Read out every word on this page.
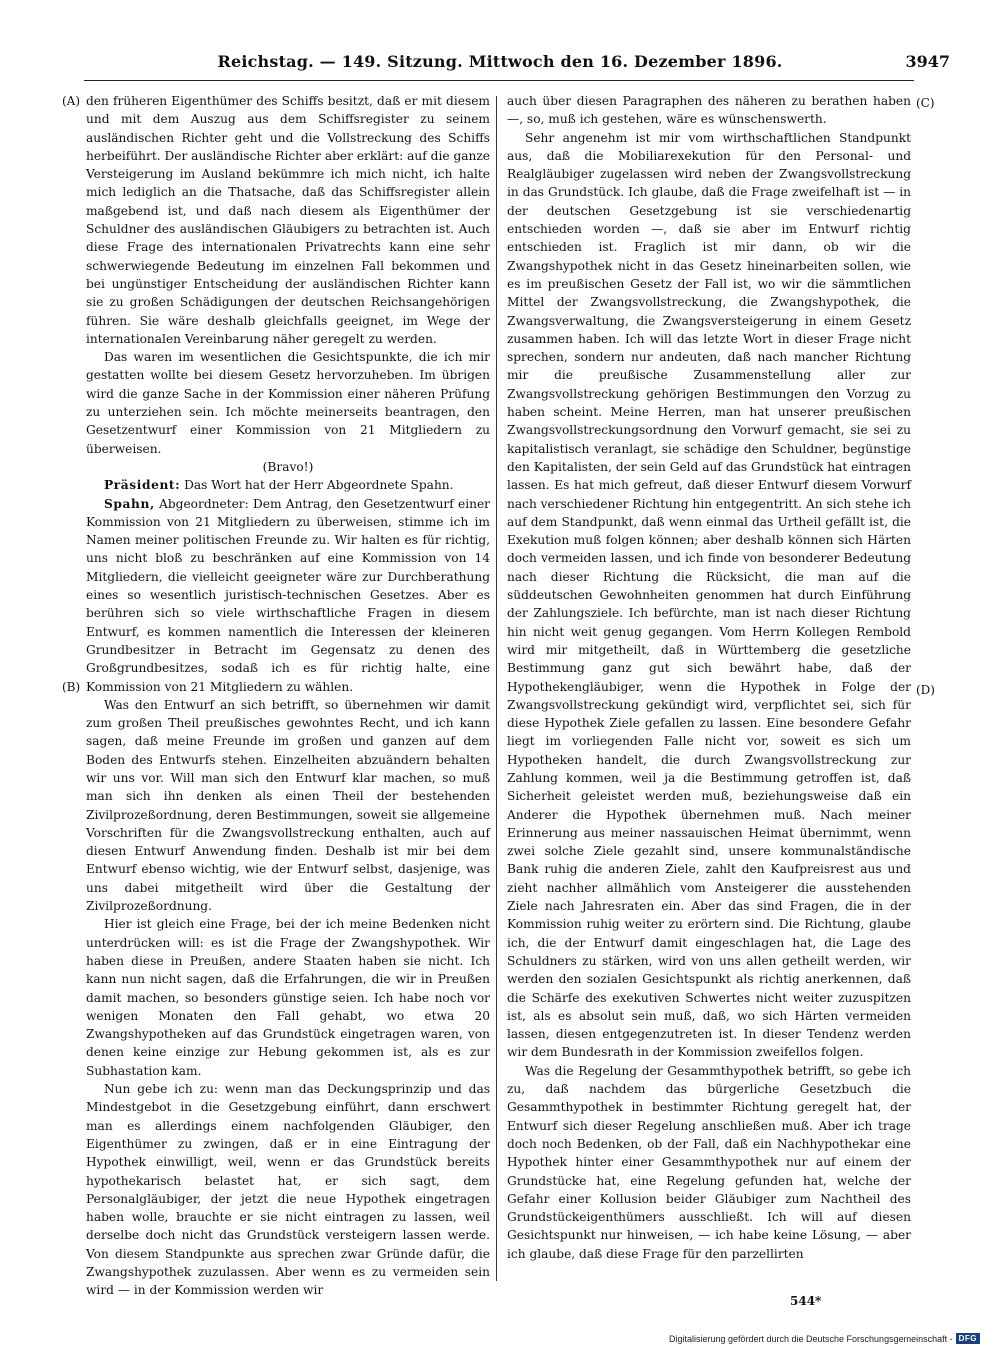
Reichstag. — 149. Sitzung. Mittwoch den 16. Dezember 1896.	3947
(A)
(B)
(C)
(D)

den früheren Eigenthümer des Schiffs besitzt, daß er mit diesem und mit dem Auszug aus dem Schiffsregister zu seinem ausländischen Richter geht und die Vollstreckung des Schiffs herbeiführt. Der ausländische Richter aber erklärt: auf die ganze Versteigerung im Ausland bekümmre ich mich nicht, ich halte mich lediglich an die Thatsache, daß das Schiffsregister allein maßgebend ist, und daß nach diesem als Eigenthümer der Schuldner des ausländischen Gläubigers zu betrachten ist. Auch diese Frage des internationalen Privatrechts kann eine sehr schwerwiegende Bedeutung im einzelnen Fall bekommen und bei ungünstiger Entscheidung der ausländischen Richter kann sie zu großen Schädigungen der deutschen Reichsangehörigen führen. Sie wäre deshalb gleichfalls geeignet, im Wege der internationalen Vereinbarung näher geregelt zu werden.

Das waren im wesentlichen die Gesichtspunkte, die ich mir gestatten wollte bei diesem Gesetz hervorzuheben. Im übrigen wird die ganze Sache in der Kommission einer näheren Prüfung zu unterziehen sein. Ich möchte meinerseits beantragen, den Gesetzentwurf einer Kommission von 21 Mitgliedern zu überweisen.

(Bravo!)

Präsident: Das Wort hat der Herr Abgeordnete Spahn.

Spahn, Abgeordneter: Dem Antrag, den Gesetzentwurf einer Kommission von 21 Mitgliedern zu überweisen, stimme ich im Namen meiner politischen Freunde zu. Wir halten es für richtig, uns nicht bloß zu beschränken auf eine Kommission von 14 Mitgliedern, die vielleicht geeigneter wäre zur Durchberathung eines so wesentlich juristisch-technischen Gesetzes. Aber es berühren sich so viele wirthschaftliche Fragen in diesem Entwurf, es kommen namentlich die Interessen der kleineren Grundbesitzer in Betracht im Gegensatz zu denen des Großgrundbesitzes, sodaß ich es für richtig halte, eine Kommission von 21 Mitgliedern zu wählen.

Was den Entwurf an sich betrifft, so übernehmen wir damit zum großen Theil preußisches gewohntes Recht, und ich kann sagen, daß meine Freunde im großen und ganzen auf dem Boden des Entwurfs stehen. Einzelheiten abzuändern behalten wir uns vor. Will man sich den Entwurf klar machen, so muß man sich ihn denken als einen Theil der bestehenden Zivilprozeßordnung, deren Bestimmungen, soweit sie allgemeine Vorschriften für die Zwangsvollstreckung enthalten, auch auf diesen Entwurf Anwendung finden. Deshalb ist mir bei dem Entwurf ebenso wichtig, wie der Entwurf selbst, dasjenige, was uns dabei mitgetheilt wird über die Gestaltung der Zivilprozeßordnung.

Hier ist gleich eine Frage, bei der ich meine Bedenken nicht unterdrücken will: es ist die Frage der Zwangshypothek. Wir haben diese in Preußen, andere Staaten haben sie nicht. Ich kann nun nicht sagen, daß die Erfahrungen, die wir in Preußen damit machen, so besonders günstige seien. Ich habe noch vor wenigen Monaten den Fall gehabt, wo etwa 20 Zwangshypotheken auf das Grundstück eingetragen waren, von denen keine einzige zur Hebung gekommen ist, als es zur Subhastation kam.

Nun gebe ich zu: wenn man das Deckungsprinzip und das Mindestgebot in die Gesetzgebung einführt, dann erschwert man es allerdings einem nachfolgenden Gläubiger, den Eigenthümer zu zwingen, daß er in eine Eintragung der Hypothek einwilligt, weil, wenn er das Grundstück bereits hypothekarisch belastet hat, er sich sagt, dem Personalgläubiger, der jetzt die neue Hypothek eingetragen haben wolle, brauchte er sie nicht eintragen zu lassen, weil derselbe doch nicht das Grundstück versteigern lassen werde. Von diesem Standpunkte aus sprechen zwar Gründe dafür, die Zwangshypothek zuzulassen. Aber wenn es zu vermeiden sein wird — in der Kommission werden wir

auch über diesen Paragraphen des näheren zu berathen haben —, so, muß ich gestehen, wäre es wünschenswerth.

Sehr angenehm ist mir vom wirthschaftlichen Standpunkt aus, daß die Mobiliarexekution für den Personal- und Realgläubiger zugelassen wird neben der Zwangsvollstreckung in das Grundstück. Ich glaube, daß die Frage zweifelhaft ist — in der deutschen Gesetzgebung ist sie verschiedenartig entschieden worden —, daß sie aber im Entwurf richtig entschieden ist. Fraglich ist mir dann, ob wir die Zwangshypothek nicht in das Gesetz hineinarbeiten sollen, wie es im preußischen Gesetz der Fall ist, wo wir die sämmtlichen Mittel der Zwangsvollstreckung, die Zwangshypothek, die Zwangsverwaltung, die Zwangsversteigerung in einem Gesetz zusammen haben. Ich will das letzte Wort in dieser Frage nicht sprechen, sondern nur andeuten, daß nach mancher Richtung mir die preußische Zusammenstellung aller zur Zwangsvollstreckung gehörigen Bestimmungen den Vorzug zu haben scheint. Meine Herren, man hat unserer preußischen Zwangsvollstreckungsordnung den Vorwurf gemacht, sie sei zu kapitalistisch veranlagt, sie schädige den Schuldner, begünstige den Kapitalisten, der sein Geld auf das Grundstück hat eintragen lassen. Es hat mich gefreut, daß dieser Entwurf diesem Vorwurf nach verschiedener Richtung hin entgegentritt. An sich stehe ich auf dem Standpunkt, daß wenn einmal das Urtheil gefällt ist, die Exekution muß folgen können; aber deshalb können sich Härten doch vermeiden lassen, und ich finde von besonderer Bedeutung nach dieser Richtung die Rücksicht, die man auf die süddeutschen Gewohnheiten genommen hat durch Einführung der Zahlungsziele. Ich befürchte, man ist nach dieser Richtung hin nicht weit genug gegangen. Vom Herrn Kollegen Rembold wird mir mitgetheilt, daß in Württemberg die gesetzliche Bestimmung ganz gut sich bewährt habe, daß der Hypothekengläubiger, wenn die Hypothek in Folge der Zwangsvollstreckung gekündigt wird, verpflichtet sei, sich für diese Hypothek Ziele gefallen zu lassen. Eine besondere Gefahr liegt im vorliegenden Falle nicht vor, soweit es sich um Hypotheken handelt, die durch Zwangsvollstreckung zur Zahlung kommen, weil ja die Bestimmung getroffen ist, daß Sicherheit geleistet werden muß, beziehungsweise daß ein Anderer die Hypothek übernehmen muß. Nach meiner Erinnerung aus meiner nassauischen Heimat übernimmt, wenn zwei solche Ziele gezahlt sind, unsere kommunalständische Bank ruhig die anderen Ziele, zahlt den Kaufpreisrest aus und zieht nachher allmählich vom Ansteigerer die ausstehenden Ziele nach Jahresraten ein. Aber das sind Fragen, die in der Kommission ruhig weiter zu erörtern sind. Die Richtung, glaube ich, die der Entwurf damit eingeschlagen hat, die Lage des Schuldners zu stärken, wird von uns allen getheilt werden, wir werden den sozialen Gesichtspunkt als richtig anerkennen, daß die Schärfe des exekutiven Schwertes nicht weiter zuzuspitzen ist, als es absolut sein muß, daß, wo sich Härten vermeiden lassen, diesen entgegenzutreten ist. In dieser Tendenz werden wir dem Bundesrath in der Kommission zweifellos folgen.

Was die Regelung der Gesammthypothek betrifft, so gebe ich zu, daß nachdem das bürgerliche Gesetzbuch die Gesammthypothek in bestimmter Richtung geregelt hat, der Entwurf sich dieser Regelung anschließen muß. Aber ich trage doch noch Bedenken, ob der Fall, daß ein Nachhypothekar eine Hypothek hinter einer Gesammthypothek nur auf einem der Grundstücke hat, eine Regelung gefunden hat, welche der Gefahr einer Kollusion beider Gläubiger zum Nachtheil des Grundstückeigenthümers ausschließt. Ich will auf diesen Gesichtspunkt nur hinweisen, — ich habe keine Lösung, — aber ich glaube, daß diese Frage für den parzellirten

544*
Digitalisierung gefördert durch die Deutsche Forschungsgemeinschaft - DFG
